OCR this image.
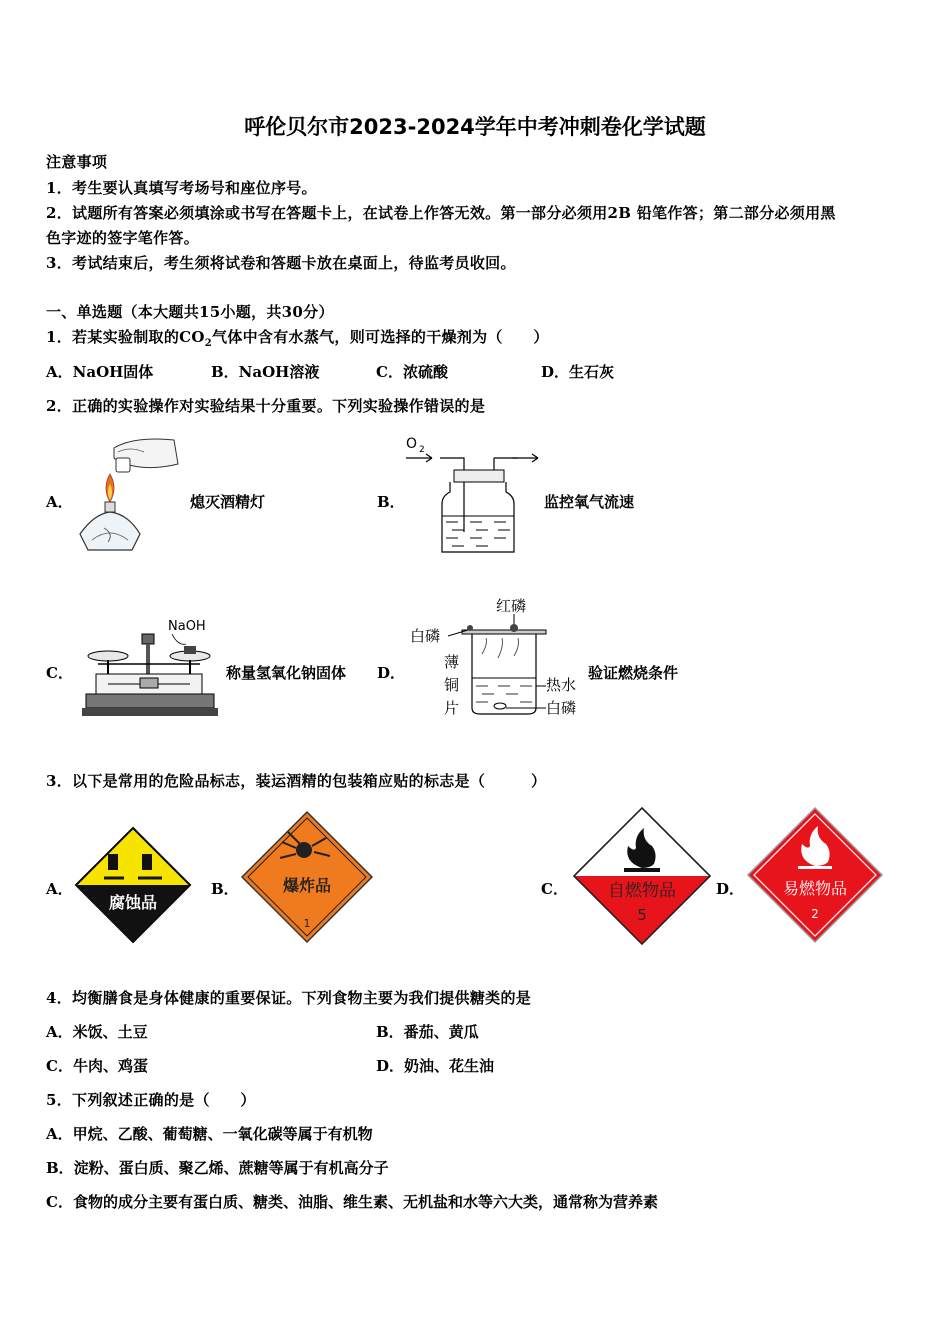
呼伦贝尔市2023-2024学年中考冲刺卷化学试题
注意事项
1．考生要认真填写考场号和座位序号。
2．试题所有答案必须填涂或书写在答题卡上，在试卷上作答无效。第一部分必须用2B 铅笔作答；第二部分必须用黑
色字迹的签字笔作答。
3．考试结束后，考生须将试卷和答题卡放在桌面上，待监考员收回。
一、单选题（本大题共15小题，共30分）
1．若某实验制取的$CO_2$气体中含有水蒸气，则可选择的干燥剂为（　　）
A．NaOH固体	B．NaOH溶液	C．浓硫酸	D．生石灰
2．正确的实验操作对实验结果十分重要。下列实验操作错误的是
A．	熄灭酒精灯	B．
O 2
监控氧气流速
C．
NaOH
称量氢氧化钠固体 D．
红磷
白磷
薄
铜
片
热水
白磷
验证燃烧条件
3．以下是常用的危险品标志，装运酒精的包装箱应贴的标志是（　　　）
A．
腐蚀品
B．	爆炸品
1
C． 自燃物品
5
D． 易燃物品
2
4．均衡膳食是身体健康的重要保证。下列食物主要为我们提供糖类的是
A．米饭、土豆	B．番茄、黄瓜
C．牛肉、鸡蛋	D．奶油、花生油
5．下列叙述正确的是（　　）
A．甲烷、乙酸、葡萄糖、一氧化碳等属于有机物
B．淀粉、蛋白质、聚乙烯、蔗糖等属于有机高分子
C．食物的成分主要有蛋白质、糖类、油脂、维生素、无机盐和水等六大类，通常称为营养素
